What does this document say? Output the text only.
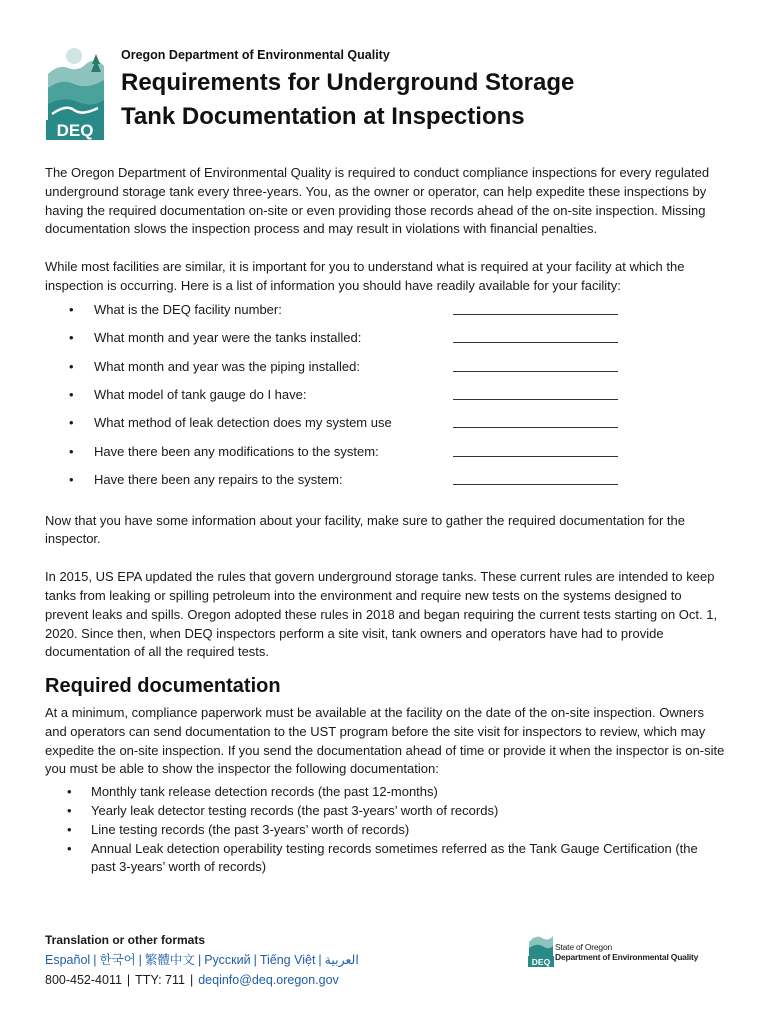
DEQ
Oregon Department of Environmental Quality
Requirements for Underground Storage
Tank Documentation at Inspections

The Oregon Department of Environmental Quality is required to conduct compliance inspections for every regulated underground storage tank every three-years. You, as the owner or operator, can help expedite these inspections by having the required documentation on-site or even providing those records ahead of the on-site inspection. Missing documentation slows the inspection process and may result in violations with financial penalties.

While most facilities are similar, it is important for you to understand what is required at your facility at which the inspection is occurring. Here is a list of information you should have readily available for your facility:

•	What is the DEQ facility number:
•	What month and year were the tanks installed:
•	What month and year was the piping installed:
•	What model of tank gauge do I have:
•	What method of leak detection does my system use
•	Have there been any modifications to the system:
•	Have there been any repairs to the system:

Now that you have some information about your facility, make sure to gather the required documentation for the inspector.

In 2015, US EPA updated the rules that govern underground storage tanks. These current rules are intended to keep tanks from leaking or spilling petroleum into the environment and require new tests on the systems designed to prevent leaks and spills. Oregon adopted these rules in 2018 and began requiring the current tests starting on Oct. 1, 2020. Since then, when DEQ inspectors perform a site visit, tank owners and operators have had to provide documentation of all the required tests.

Required documentation

At a minimum, compliance paperwork must be available at the facility on the date of the on-site inspection. Owners and operators can send documentation to the UST program before the site visit for inspectors to review, which may expedite the on-site inspection. If you send the documentation ahead of time or provide it when the inspector is on-site you must be able to show the inspector the following documentation:

•	Monthly tank release detection records (the past 12-months)
•	Yearly leak detector testing records (the past 3-years’ worth of records)
•	Line testing records (the past 3-years’ worth of records)
•	Annual Leak detection operability testing records sometimes referred as the Tank Gauge Certification (the past 3-years’ worth of records)
Translation or other formats
Español | 한국어 | 繁體中文 | Русский | Tiếng Việt | العربية
800-452-4011 | TTY: 711 | deqinfo@deq.oregon.gov
DEQ
State of Oregon
Department of Environmental Quality
